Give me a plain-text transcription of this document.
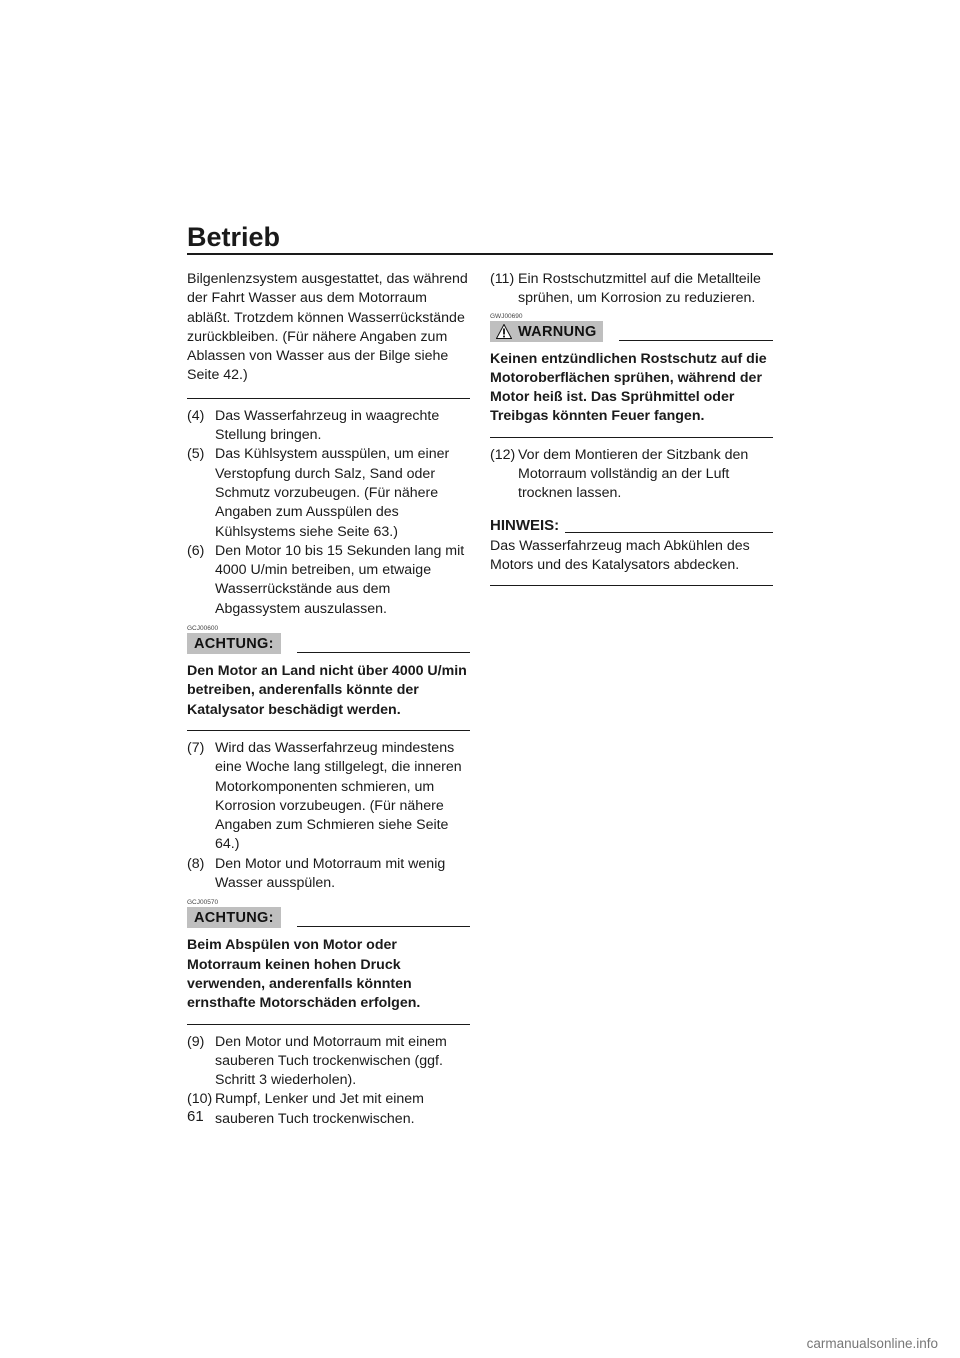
Betrieb

Bilgenlenzsystem ausgestattet, das während der Fahrt Wasser aus dem Motorraum abläßt. Trotzdem können Wasserrückstände zurückbleiben. (Für nähere Angaben zum Ablassen von Wasser aus der Bilge siehe Seite 42.)

(4) Das Wasserfahrzeug in waagrechte Stellung bringen.
(5) Das Kühlsystem ausspülen, um einer Verstopfung durch Salz, Sand oder Schmutz vorzubeugen. (Für nähere Angaben zum Ausspülen des Kühlsystems siehe Seite 63.)
(6) Den Motor 10 bis 15 Sekunden lang mit 4000 U/min betreiben, um etwaige Wasserrückstände aus dem Abgassystem auszulassen.
GCJ00600
ACHTUNG:

Den Motor an Land nicht über 4000 U/min betreiben, anderenfalls könnte der Katalysator beschädigt werden.

(7) Wird das Wasserfahrzeug mindestens eine Woche lang stillgelegt, die inneren Motorkomponenten schmieren, um Korrosion vorzubeugen. (Für nähere Angaben zum Schmieren siehe Seite 64.)
(8) Den Motor und Motorraum mit wenig Wasser ausspülen.
GCJ00570
ACHTUNG:

Beim Abspülen von Motor oder Motorraum keinen hohen Druck verwenden, anderenfalls könnten ernsthafte Motorschäden erfolgen.

(9) Den Motor und Motorraum mit einem sauberen Tuch trockenwischen (ggf. Schritt 3 wiederholen).
(10) Rumpf, Lenker und Jet mit einem sauberen Tuch trockenwischen.
(11) Ein Rostschutzmittel auf die Metallteile sprühen, um Korrosion zu reduzieren.
GWJ00690
WARNUNG

Keinen entzündlichen Rostschutz auf die Motoroberflächen sprühen, während der Motor heiß ist. Das Sprühmittel oder Treibgas könnten Feuer fangen.

(12) Vor dem Montieren der Sitzbank den Motorraum vollständig an der Luft trocknen lassen.
HINWEIS:

Das Wasserfahrzeug mach Abkühlen des Motors und des Katalysators abdecken.

61
carmanualsonline.info
